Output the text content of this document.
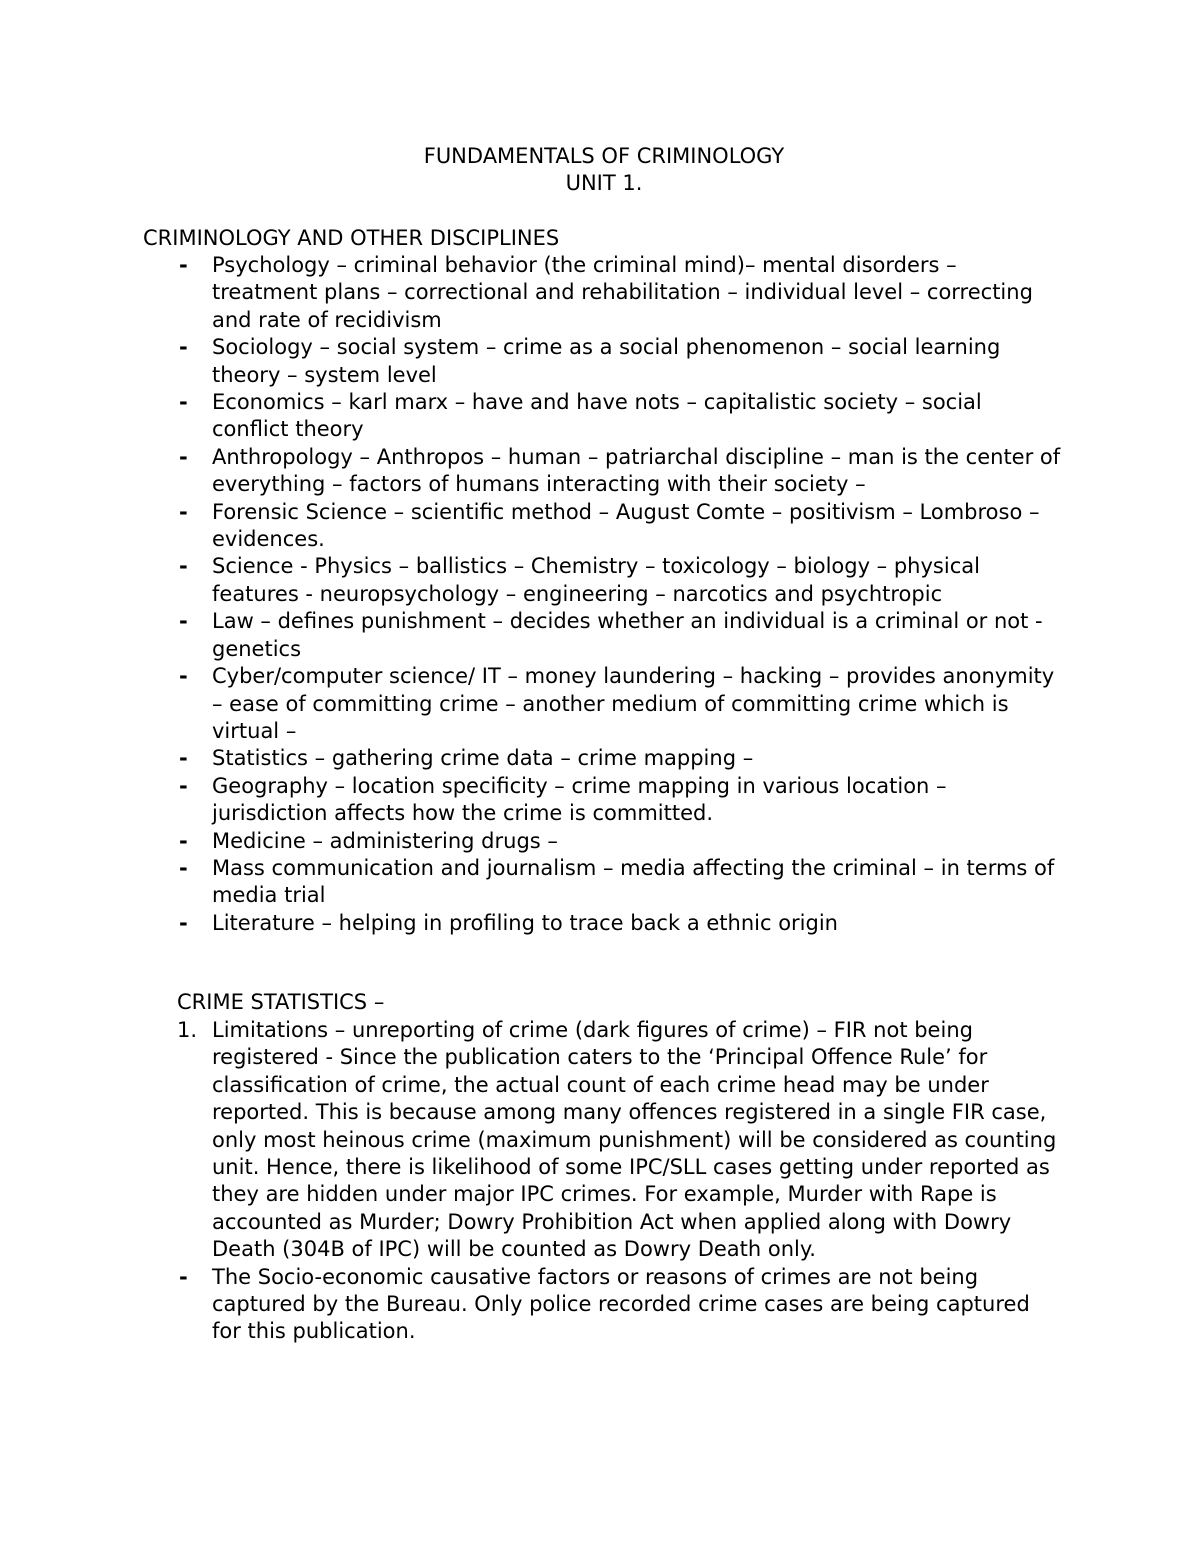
FUNDAMENTALS OF CRIMINOLOGY
UNIT 1.
CRIMINOLOGY AND OTHER DISCIPLINES
-	Psychology – criminal behavior (the criminal mind)– mental disorders – treatment plans – correctional and rehabilitation – individual level – correcting and rate of recidivism
-	Sociology – social system – crime as a social phenomenon – social learning theory – system level
-	Economics – karl marx – have and have nots – capitalistic society – social conflict theory
-	Anthropology – Anthropos – human – patriarchal discipline – man is the center of everything – factors of humans interacting with their society –
-	Forensic Science – scientific method – August Comte – positivism – Lombroso – evidences.
-	Science - Physics – ballistics – Chemistry – toxicology – biology – physical features - neuropsychology – engineering – narcotics and psychtropic
-	Law – defines punishment – decides whether an individual is a criminal or not - genetics
-	Cyber/computer science/ IT – money laundering – hacking – provides anonymity – ease of committing crime – another medium of committing crime which is virtual –
-	Statistics – gathering crime data – crime mapping –
-	Geography – location specificity – crime mapping in various location – jurisdiction affects how the crime is committed.
-	Medicine – administering drugs –
-	Mass communication and journalism – media affecting the criminal – in terms of media trial
-	Literature – helping in profiling to trace back a ethnic origin
CRIME STATISTICS –
1. Limitations – unreporting of crime (dark figures of crime) – FIR not being registered - Since the publication caters to the ‘Principal Offence Rule’ for classification of crime, the actual count of each crime head may be under reported. This is because among many offences registered in a single FIR case, only most heinous crime (maximum punishment) will be considered as counting unit. Hence, there is likelihood of some IPC/SLL cases getting under reported as they are hidden under major IPC crimes. For example, Murder with Rape is accounted as Murder; Dowry Prohibition Act when applied along with Dowry Death (304B of IPC) will be counted as Dowry Death only.
-	The Socio-economic causative factors or reasons of crimes are not being captured by the Bureau. Only police recorded crime cases are being captured for this publication.
